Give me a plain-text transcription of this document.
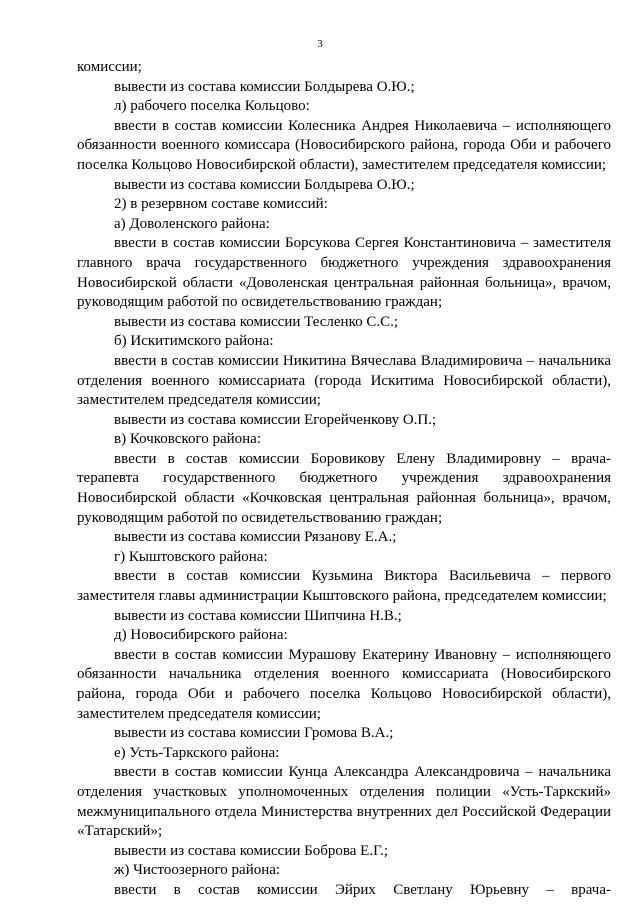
3

комиссии;

вывести из состава комиссии Болдырева О.Ю.;

л) рабочего поселка Кольцово:

ввести в состав комиссии Колесника Андрея Николаевича – исполняющего обязанности военного комиссара (Новосибирского района, города Оби и рабочего поселка Кольцово Новосибирской области), заместителем председателя комиссии;

вывести из состава комиссии Болдырева О.Ю.;

2) в резервном составе комиссий:

а) Доволенского района:

ввести в состав комиссии Борсукова Сергея Константиновича – заместителя главного врача государственного бюджетного учреждения здравоохранения Новосибирской области «Доволенская центральная районная больница», врачом, руководящим работой по освидетельствованию граждан;

вывести из состава комиссии Тесленко С.С.;

б) Искитимского района:

ввести в состав комиссии Никитина Вячеслава Владимировича – начальника отделения военного комиссариата (города Искитима Новосибирской области), заместителем председателя комиссии;

вывести из состава комиссии Егорейченкову О.П.;

в) Кочковского района:

ввести в состав комиссии Боровикову Елену Владимировну – врача-терапевта государственного бюджетного учреждения здравоохранения Новосибирской области «Кочковская центральная районная больница», врачом, руководящим работой по освидетельствованию граждан;

вывести из состава комиссии Рязанову Е.А.;

г) Кыштовского района:

ввести в состав комиссии Кузьмина Виктора Васильевича – первого заместителя главы администрации Кыштовского района, председателем комиссии;

вывести из состава комиссии Шипчина Н.В.;

д) Новосибирского района:

ввести в состав комиссии Мурашову Екатерину Ивановну – исполняющего обязанности начальника отделения военного комиссариата (Новосибирского района, города Оби и рабочего поселка Кольцово Новосибирской области), заместителем председателя комиссии;

вывести из состава комиссии Громова В.А.;

е) Усть-Таркского района:

ввести в состав комиссии Кунца Александра Александровича – начальника отделения участковых уполномоченных отделения полиции «Усть-Таркский» межмуниципального отдела Министерства внутренних дел Российской Федерации «Татарский»;

вывести из состава комиссии Боброва Е.Г.;

ж) Чистоозерного района:

ввести в состав комиссии Эйрих Светлану Юрьевну – врача-
